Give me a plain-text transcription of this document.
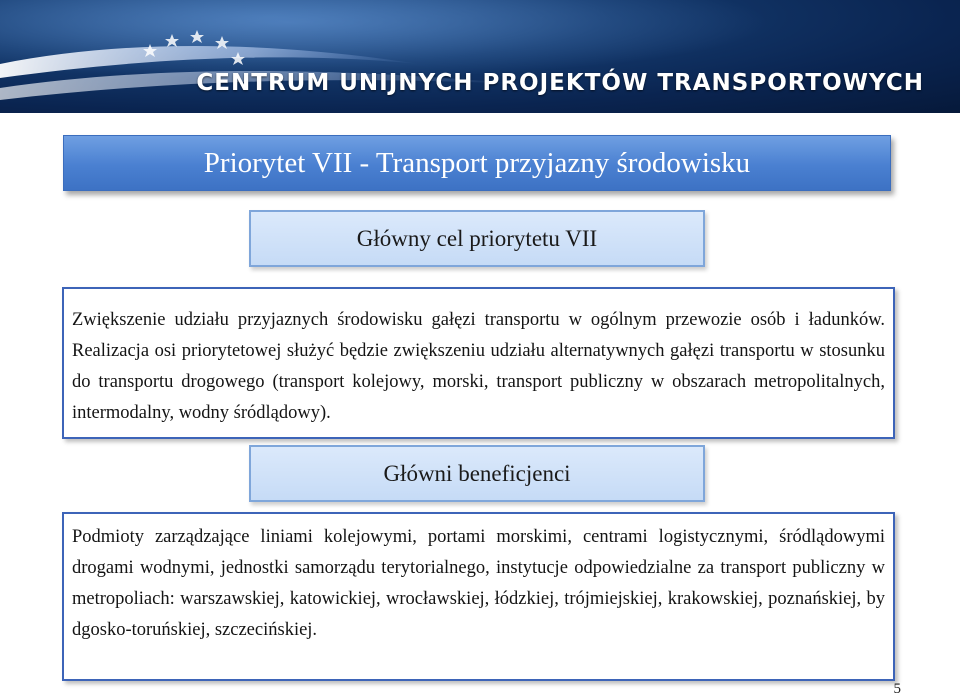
CENTRUM UNIJNYCH PROJEKTÓW TRANSPORTOWYCH
Priorytet VII - Transport przyjazny środowisku
Główny cel priorytetu VII
Zwiększenie udziału przyjaznych środowisku gałęzi transportu w ogólnym przewozie osób i ładunków. Realizacja osi priorytetowej służyć będzie zwiększeniu udziału alternatywnych gałęzi transportu w stosunku do transportu drogowego (transport kolejowy, morski, transport publiczny w obszarach metropolitalnych, intermodalny, wodny śródlądowy).
Główni beneficjenci
Podmioty zarządzające liniami kolejowymi, portami morskimi, centrami logistycznymi, śródlądowymi drogami wodnymi, jednostki samorządu terytorialnego, instytucje odpowiedzialne za transport publiczny w metropoliach: warszawskiej, katowickiej, wrocławskiej, łódzkiej, trójmiejskiej, krakowskiej, poznańskiej, by dgosko-toruńskiej, szczecińskiej.
5
